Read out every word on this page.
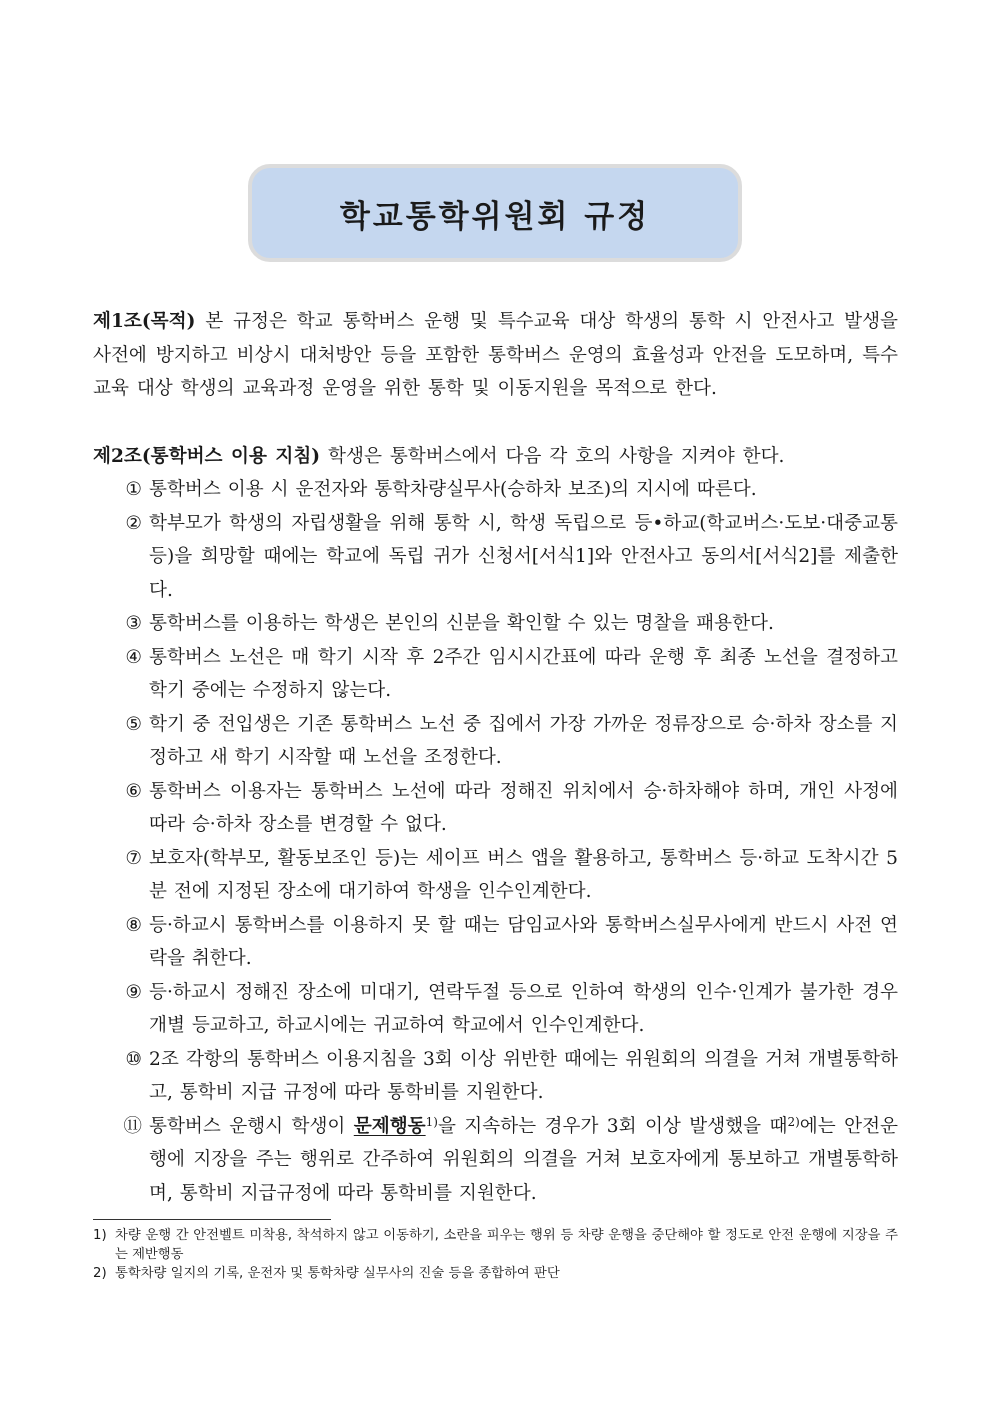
학교통학위원회 규정

제1조(목적) 본 규정은 학교 통학버스 운행 및 특수교육 대상 학생의 통학 시 안전사고 발생을 사전에 방지하고 비상시 대처방안 등을 포함한 통학버스 운영의 효율성과 안전을 도모하며, 특수교육 대상 학생의 교육과정 운영을 위한 통학 및 이동지원을 목적으로 한다.

제2조(통학버스 이용 지침) 학생은 통학버스에서 다음 각 호의 사항을 지켜야 한다.

① 통학버스 이용 시 운전자와 통학차량실무사(승하차 보조)의 지시에 따른다.
② 학부모가 학생의 자립생활을 위해 통학 시, 학생 독립으로 등•하교(학교버스·도보·대중교통 등)을 희망할 때에는 학교에 독립 귀가 신청서[서식1]와 안전사고 동의서[서식2]를 제출한다.
③ 통학버스를 이용하는 학생은 본인의 신분을 확인할 수 있는 명찰을 패용한다.
④ 통학버스 노선은 매 학기 시작 후 2주간 임시시간표에 따라 운행 후 최종 노선을 결정하고 학기 중에는 수정하지 않는다.
⑤ 학기 중 전입생은 기존 통학버스 노선 중 집에서 가장 가까운 정류장으로 승·하차 장소를 지정하고 새 학기 시작할 때 노선을 조정한다.
⑥ 통학버스 이용자는 통학버스 노선에 따라 정해진 위치에서 승·하차해야 하며, 개인 사정에 따라 승·하차 장소를 변경할 수 없다.
⑦ 보호자(학부모, 활동보조인 등)는 세이프 버스 앱을 활용하고, 통학버스 등·하교 도착시간 5분 전에 지정된 장소에 대기하여 학생을 인수인계한다.
⑧ 등·하교시 통학버스를 이용하지 못 할 때는 담임교사와 통학버스실무사에게 반드시 사전 연락을 취한다.
⑨ 등·하교시 정해진 장소에 미대기, 연락두절 등으로 인하여 학생의 인수·인계가 불가한 경우 개별 등교하고, 하교시에는 귀교하여 학교에서 인수인계한다.
⑩ 2조 각항의 통학버스 이용지침을 3회 이상 위반한 때에는 위원회의 의결을 거쳐 개별통학하고, 통학비 지급 규정에 따라 통학비를 지원한다.
⑪ 통학버스 운행시 학생이 문제행동$^{1)}$을 지속하는 경우가 3회 이상 발생했을 때$^{2)}$에는 안전운행에 지장을 주는 행위로 간주하여 위원회의 의결을 거쳐 보호자에게 통보하고 개별통학하며, 통학비 지급규정에 따라 통학비를 지원한다.
1) 차량 운행 간 안전벨트 미착용, 착석하지 않고 이동하기, 소란을 피우는 행위 등 차량 운행을 중단해야 할 정도로 안전 운행에 지장을 주는 제반행동
2) 통학차량 일지의 기록, 운전자 및 통학차량 실무사의 진술 등을 종합하여 판단
